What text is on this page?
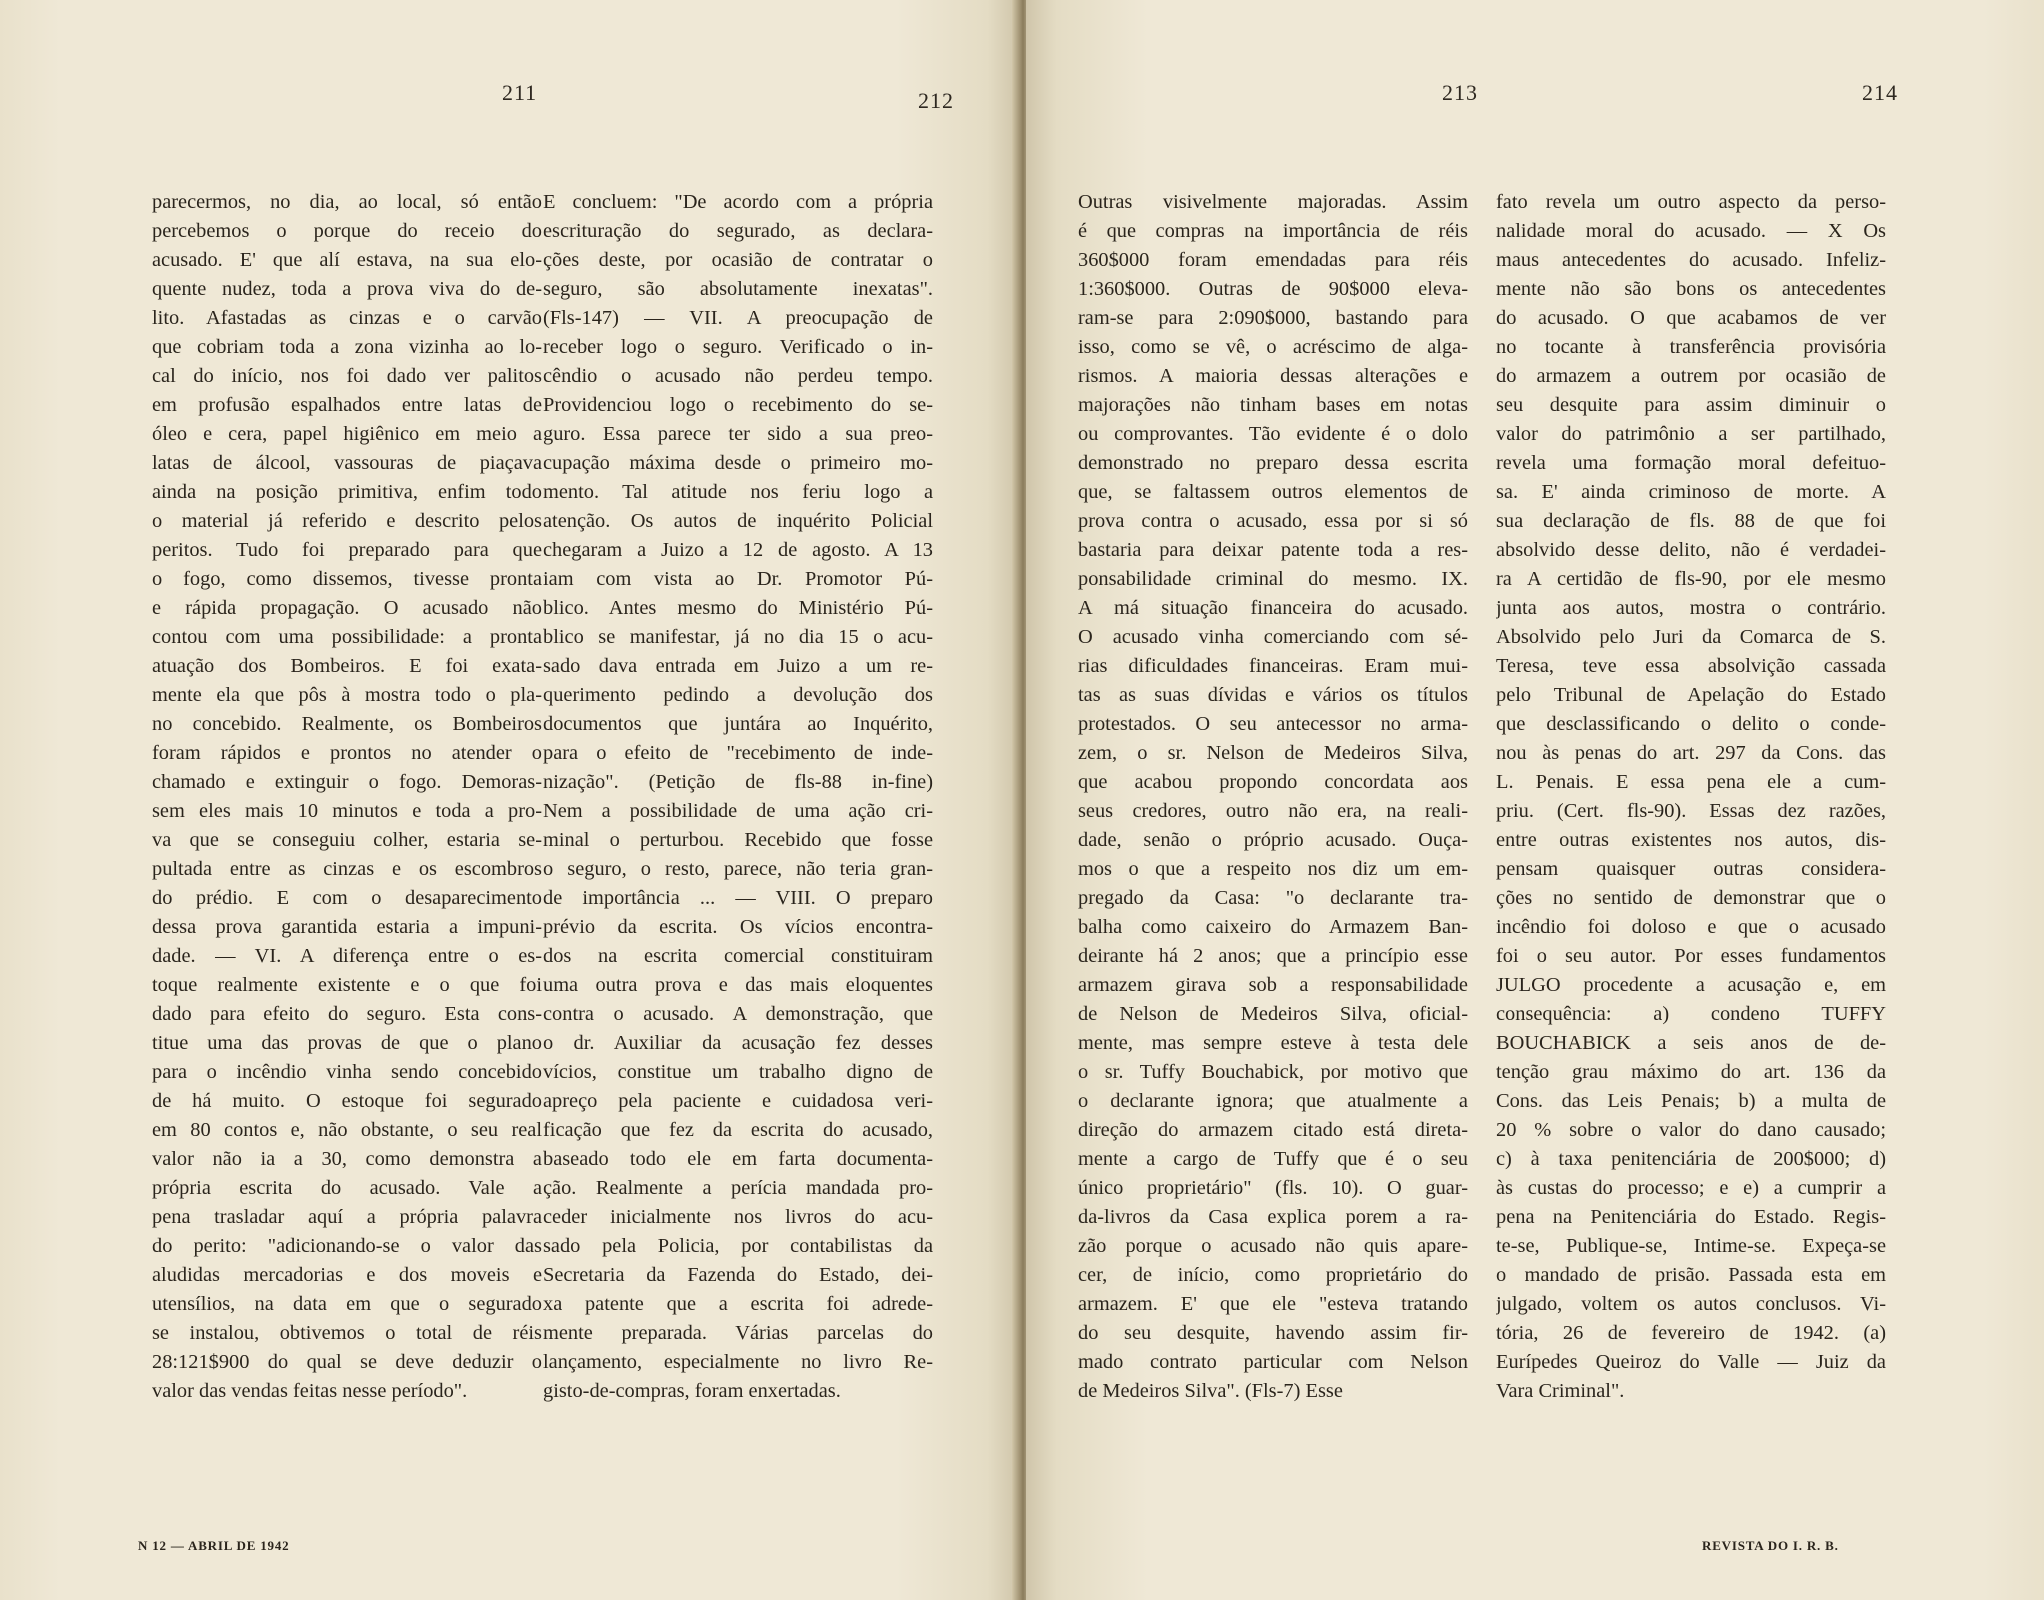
211	212
parecermos, no dia, ao local, só então
percebemos o porque do receio do
acusado. E' que alí estava, na sua elo-
quente nudez, toda a prova viva do de-
lito. Afastadas as cinzas e o carvão
que cobriam toda a zona vizinha ao lo-
cal do início, nos foi dado ver palitos
em profusão espalhados entre latas de
óleo e cera, papel higiênico em meio a
latas de álcool, vassouras de piaçava
ainda na posição primitiva, enfim todo
o material já referido e descrito pelos
peritos. Tudo foi preparado para que
o fogo, como dissemos, tivesse pronta
e rápida propagação. O acusado não
contou com uma possibilidade: a pronta
atuação dos Bombeiros. E foi exata-
mente ela que pôs à mostra todo o pla-
no concebido. Realmente, os Bombeiros
foram rápidos e prontos no atender o
chamado e extinguir o fogo. Demoras-
sem eles mais 10 minutos e toda a pro-
va que se conseguiu colher, estaria se-
pultada entre as cinzas e os escombros
do prédio. E com o desaparecimento
dessa prova garantida estaria a impuni-
dade. — VI. A diferença entre o es-
toque realmente existente e o que foi
dado para efeito do seguro. Esta cons-
titue uma das provas de que o plano
para o incêndio vinha sendo concebido
de há muito. O estoque foi segurado
em 80 contos e, não obstante, o seu real
valor não ia a 30, como demonstra a
própria escrita do acusado. Vale a
pena trasladar aquí a própria palavra
do perito: "adicionando-se o valor das
aludidas mercadorias e dos moveis e
utensílios, na data em que o segurado
se instalou, obtivemos o total de réis
28:121$900 do qual se deve deduzir o
valor das vendas feitas nesse período".
E concluem: "De acordo com a própria
escrituração do segurado, as declara-
ções deste, por ocasião de contratar o
seguro, são absolutamente inexatas".
(Fls-147) — VII. A preocupação de
receber logo o seguro. Verificado o in-
cêndio o acusado não perdeu tempo.
Providenciou logo o recebimento do se-
guro. Essa parece ter sido a sua preo-
cupação máxima desde o primeiro mo-
mento. Tal atitude nos feriu logo a
atenção. Os autos de inquérito Policial
chegaram a Juizo a 12 de agosto. A 13
iam com vista ao Dr. Promotor Pú-
blico. Antes mesmo do Ministério Pú-
blico se manifestar, já no dia 15 o acu-
sado dava entrada em Juizo a um re-
querimento pedindo a devolução dos
documentos que juntára ao Inquérito,
para o efeito de "recebimento de inde-
nização". (Petição de fls-88 in-fine)
Nem a possibilidade de uma ação cri-
minal o perturbou. Recebido que fosse
o seguro, o resto, parece, não teria gran-
de importância ... — VIII. O preparo
prévio da escrita. Os vícios encontra-
dos na escrita comercial constituiram
uma outra prova e das mais eloquentes
contra o acusado. A demonstração, que
o dr. Auxiliar da acusação fez desses
vícios, constitue um trabalho digno de
apreço pela paciente e cuidadosa veri-
ficação que fez da escrita do acusado,
baseado todo ele em farta documenta-
ção. Realmente a perícia mandada pro-
ceder inicialmente nos livros do acu-
sado pela Policia, por contabilistas da
Secretaria da Fazenda do Estado, dei-
xa patente que a escrita foi adrede-
mente preparada. Várias parcelas do
lançamento, especialmente no livro Re-
gisto-de-compras, foram enxertadas.
N 12 — ABRIL DE 1942
213	214
Outras visivelmente majoradas. Assim
é que compras na importância de réis
360$000 foram emendadas para réis
1:360$000. Outras de 90$000 eleva-
ram-se para 2:090$000, bastando para
isso, como se vê, o acréscimo de alga-
rismos. A maioria dessas alterações e
majorações não tinham bases em notas
ou comprovantes. Tão evidente é o dolo
demonstrado no preparo dessa escrita
que, se faltassem outros elementos de
prova contra o acusado, essa por si só
bastaria para deixar patente toda a res-
ponsabilidade criminal do mesmo. IX.
A má situação financeira do acusado.
O acusado vinha comerciando com sé-
rias dificuldades financeiras. Eram mui-
tas as suas dívidas e vários os títulos
protestados. O seu antecessor no arma-
zem, o sr. Nelson de Medeiros Silva,
que acabou propondo concordata aos
seus credores, outro não era, na reali-
dade, senão o próprio acusado. Ouça-
mos o que a respeito nos diz um em-
pregado da Casa: "o declarante tra-
balha como caixeiro do Armazem Ban-
deirante há 2 anos; que a princípio esse
armazem girava sob a responsabilidade
de Nelson de Medeiros Silva, oficial-
mente, mas sempre esteve à testa dele
o sr. Tuffy Bouchabick, por motivo que
o declarante ignora; que atualmente a
direção do armazem citado está direta-
mente a cargo de Tuffy que é o seu
único proprietário" (fls. 10). O guar-
da-livros da Casa explica porem a ra-
zão porque o acusado não quis apare-
cer, de início, como proprietário do
armazem. E' que ele "esteva tratando
do seu desquite, havendo assim fir-
mado contrato particular com Nelson
de Medeiros Silva". (Fls-7) Esse
fato revela um outro aspecto da perso-
nalidade moral do acusado. — X Os
maus antecedentes do acusado. Infeliz-
mente não são bons os antecedentes
do acusado. O que acabamos de ver
no tocante à transferência provisória
do armazem a outrem por ocasião de
seu desquite para assim diminuir o
valor do patrimônio a ser partilhado,
revela uma formação moral defeituo-
sa. E' ainda criminoso de morte. A
sua declaração de fls. 88 de que foi
absolvido desse delito, não é verdadei-
ra A certidão de fls-90, por ele mesmo
junta aos autos, mostra o contrário.
Absolvido pelo Juri da Comarca de S.
Teresa, teve essa absolvição cassada
pelo Tribunal de Apelação do Estado
que desclassificando o delito o conde-
nou às penas do art. 297 da Cons. das
L. Penais. E essa pena ele a cum-
priu. (Cert. fls-90). Essas dez razões,
entre outras existentes nos autos, dis-
pensam quaisquer outras considera-
ções no sentido de demonstrar que o
incêndio foi doloso e que o acusado
foi o seu autor. Por esses fundamentos
JULGO procedente a acusação e, em
consequência: a) condeno TUFFY
BOUCHABICK a seis anos de de-
tenção grau máximo do art. 136 da
Cons. das Leis Penais; b) a multa de
20 % sobre o valor do dano causado;
c) à taxa penitenciária de 200$000; d)
às custas do processo; e e) a cumprir a
pena na Penitenciária do Estado. Regis-
te-se, Publique-se, Intime-se. Expeça-se
o mandado de prisão. Passada esta em
julgado, voltem os autos conclusos. Vi-
tória, 26 de fevereiro de 1942. (a)
Eurípedes Queiroz do Valle — Juiz da
Vara Criminal".
REVISTA DO I. R. B.
